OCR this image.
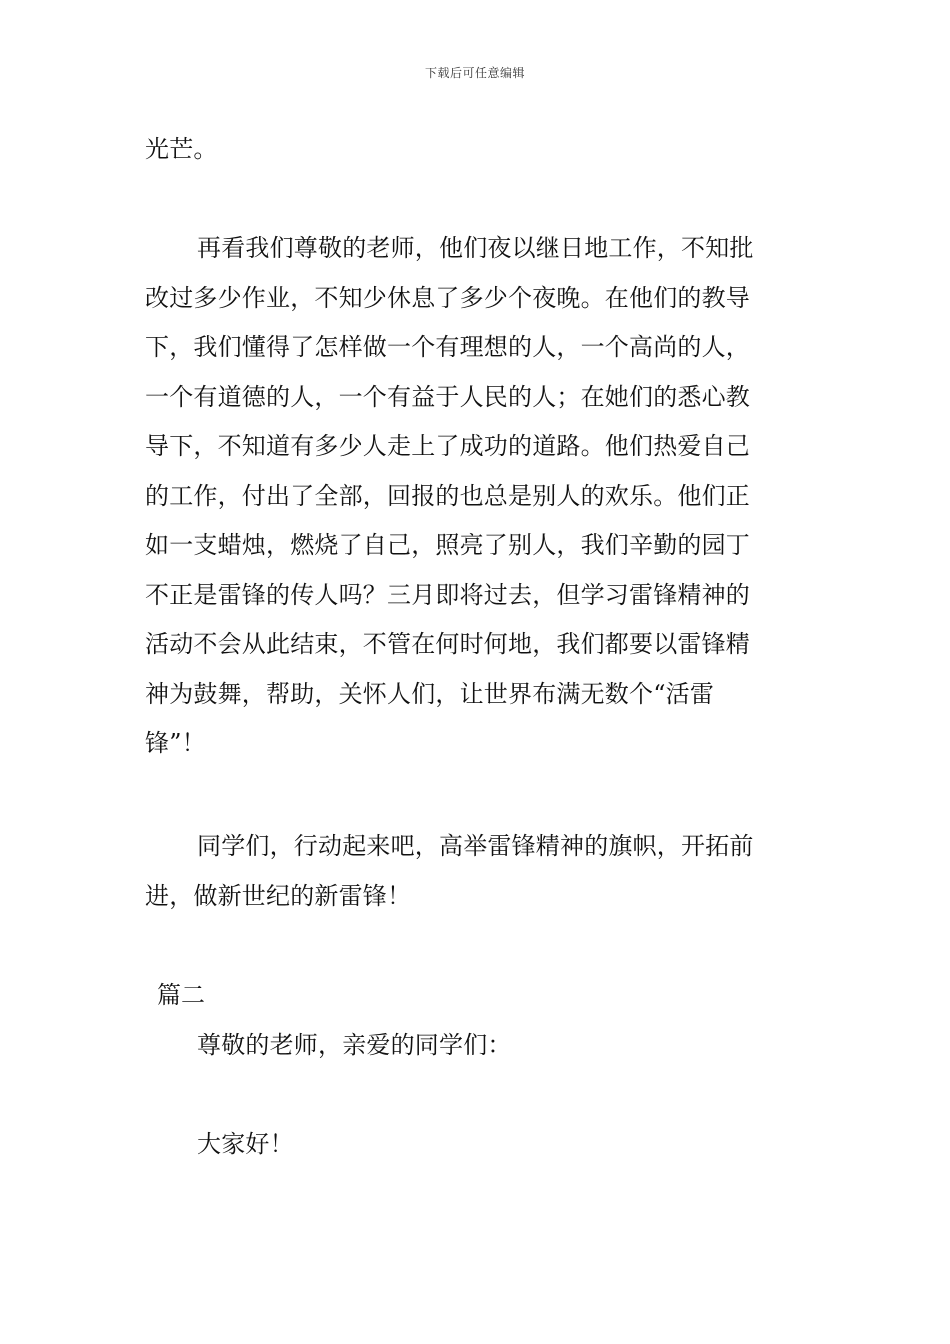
下载后可任意编辑
光芒。
再看我们尊敬的老师，他们夜以继日地工作，不知批
改过多少作业，不知少休息了多少个夜晚。在他们的教导
下，我们懂得了怎样做一个有理想的人，一个高尚的人，
一个有道德的人，一个有益于人民的人；在她们的悉心教
导下，不知道有多少人走上了成功的道路。他们热爱自己
的工作，付出了全部，回报的也总是别人的欢乐。他们正
如一支蜡烛，燃烧了自己，照亮了别人，我们辛勤的园丁
不正是雷锋的传人吗？三月即将过去，但学习雷锋精神的
活动不会从此结束，不管在何时何地，我们都要以雷锋精
神为鼓舞，帮助，关怀人们，让世界布满无数个“活雷
锋”！
同学们，行动起来吧，高举雷锋精神的旗帜，开拓前
进，做新世纪的新雷锋！
篇二
尊敬的老师，亲爱的同学们：
大家好！
